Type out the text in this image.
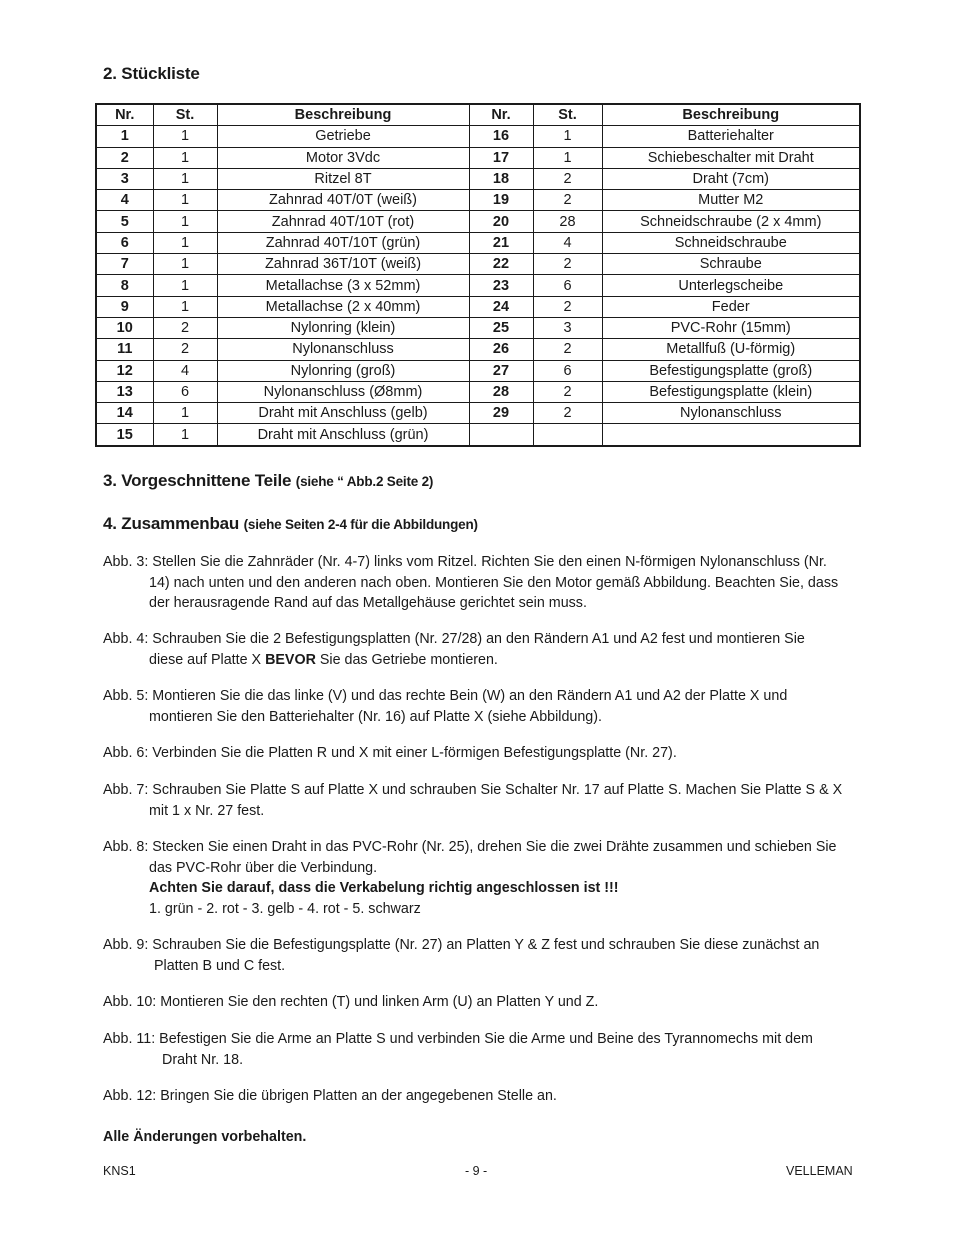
2. Stückliste
Nr.	St.	Beschreibung	Nr.	St.	Beschreibung
1	1	Getriebe	16	1	Batteriehalter
2	1	Motor 3Vdc	17	1	Schiebeschalter mit Draht
3	1	Ritzel 8T	18	2	Draht (7cm)
4	1	Zahnrad 40T/0T (weiß)	19	2	Mutter M2
5	1	Zahnrad 40T/10T (rot)	20	28	Schneidschraube (2 x 4mm)
6	1	Zahnrad 40T/10T (grün)	21	4	Schneidschraube
7	1	Zahnrad 36T/10T (weiß)	22	2	Schraube
8	1	Metallachse (3 x 52mm)	23	6	Unterlegscheibe
9	1	Metallachse (2 x 40mm)	24	2	Feder
10	2	Nylonring (klein)	25	3	PVC-Rohr (15mm)
11	2	Nylonanschluss	26	2	Metallfuß (U-förmig)
12	4	Nylonring (groß)	27	6	Befestigungsplatte (groß)
13	6	Nylonanschluss (Ø8mm)	28	2	Befestigungsplatte (klein)
14	1	Draht mit Anschluss (gelb)	29	2	Nylonanschluss
15	1	Draht mit Anschluss (grün)			
3. Vorgeschnittene Teile (siehe “ Abb.2 Seite 2)
4. Zusammenbau (siehe Seiten 2-4 für die Abbildungen)
Abb. 3: Stellen Sie die Zahnräder (Nr. 4-7) links vom Ritzel. Richten Sie den einen N-förmigen Nylonanschluss (Nr.
14) nach unten und den anderen nach oben. Montieren Sie den Motor gemäß Abbildung. Beachten Sie, dass
der herausragende Rand auf das Metallgehäuse gerichtet sein muss.
Abb. 4: Schrauben Sie die 2 Befestigungsplatten (Nr. 27/28) an den Rändern A1 und A2 fest und montieren Sie
diese auf Platte X BEVOR Sie das Getriebe montieren.
Abb. 5: Montieren Sie die das linke (V) und das rechte Bein (W) an den Rändern A1 und A2 der Platte X und
montieren Sie den Batteriehalter (Nr. 16) auf Platte X (siehe Abbildung).
Abb. 6: Verbinden Sie die Platten R und X mit einer L-förmigen Befestigungsplatte (Nr. 27).
Abb. 7: Schrauben Sie Platte S auf Platte X und schrauben Sie Schalter Nr. 17 auf Platte S. Machen Sie Platte S & X
mit 1 x Nr. 27 fest.
Abb. 8: Stecken Sie einen Draht in das PVC-Rohr (Nr. 25), drehen Sie die zwei Drähte zusammen und schieben Sie
das PVC-Rohr über die Verbindung.
Achten Sie darauf, dass die Verkabelung richtig angeschlossen ist !!!
1. grün - 2. rot - 3. gelb - 4. rot - 5. schwarz
Abb. 9: Schrauben Sie die Befestigungsplatte (Nr. 27) an Platten Y & Z fest und schrauben Sie diese zunächst an
Platten B und C fest.
Abb. 10: Montieren Sie den rechten (T) und linken Arm (U) an Platten Y und Z.
Abb. 11: Befestigen Sie die Arme an Platte S und verbinden Sie die Arme und Beine des Tyrannomechs mit dem
Draht Nr. 18.
Abb. 12: Bringen Sie die übrigen Platten an der angegebenen Stelle an.
Alle Änderungen vorbehalten.
KNS1	- 9 -	VELLEMAN
